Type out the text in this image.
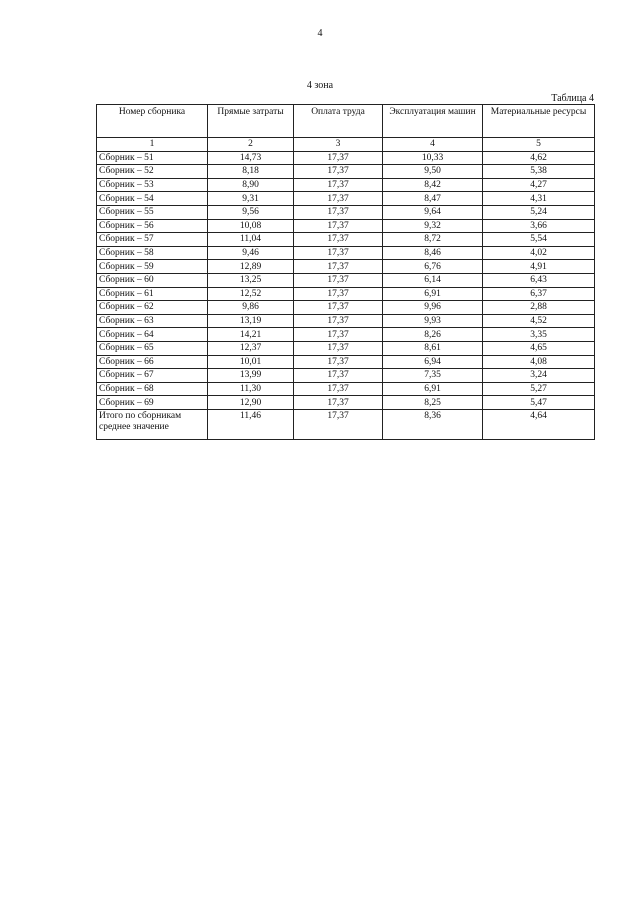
4
4 зона
Таблица 4
Номер сборника	Прямые затраты	Оплата труда	Эксплуатация машин	Материальные ресурсы
1	2	3	4	5
Сборник – 51	14,73	17,37	10,33	4,62
Сборник – 52	8,18	17,37	9,50	5,38
Сборник – 53	8,90	17,37	8,42	4,27
Сборник – 54	9,31	17,37	8,47	4,31
Сборник – 55	9,56	17,37	9,64	5,24
Сборник – 56	10,08	17,37	9,32	3,66
Сборник – 57	11,04	17,37	8,72	5,54
Сборник – 58	9,46	17,37	8,46	4,02
Сборник – 59	12,89	17,37	6,76	4,91
Сборник – 60	13,25	17,37	6,14	6,43
Сборник – 61	12,52	17,37	6,91	6,37
Сборник – 62	9,86	17,37	9,96	2,88
Сборник – 63	13,19	17,37	9,93	4,52
Сборник – 64	14,21	17,37	8,26	3,35
Сборник – 65	12,37	17,37	8,61	4,65
Сборник – 66	10,01	17,37	6,94	4,08
Сборник – 67	13,99	17,37	7,35	3,24
Сборник – 68	11,30	17,37	6,91	5,27
Сборник – 69	12,90	17,37	8,25	5,47
Итого по сборникам среднее значение	11,46	17,37	8,36	4,64
